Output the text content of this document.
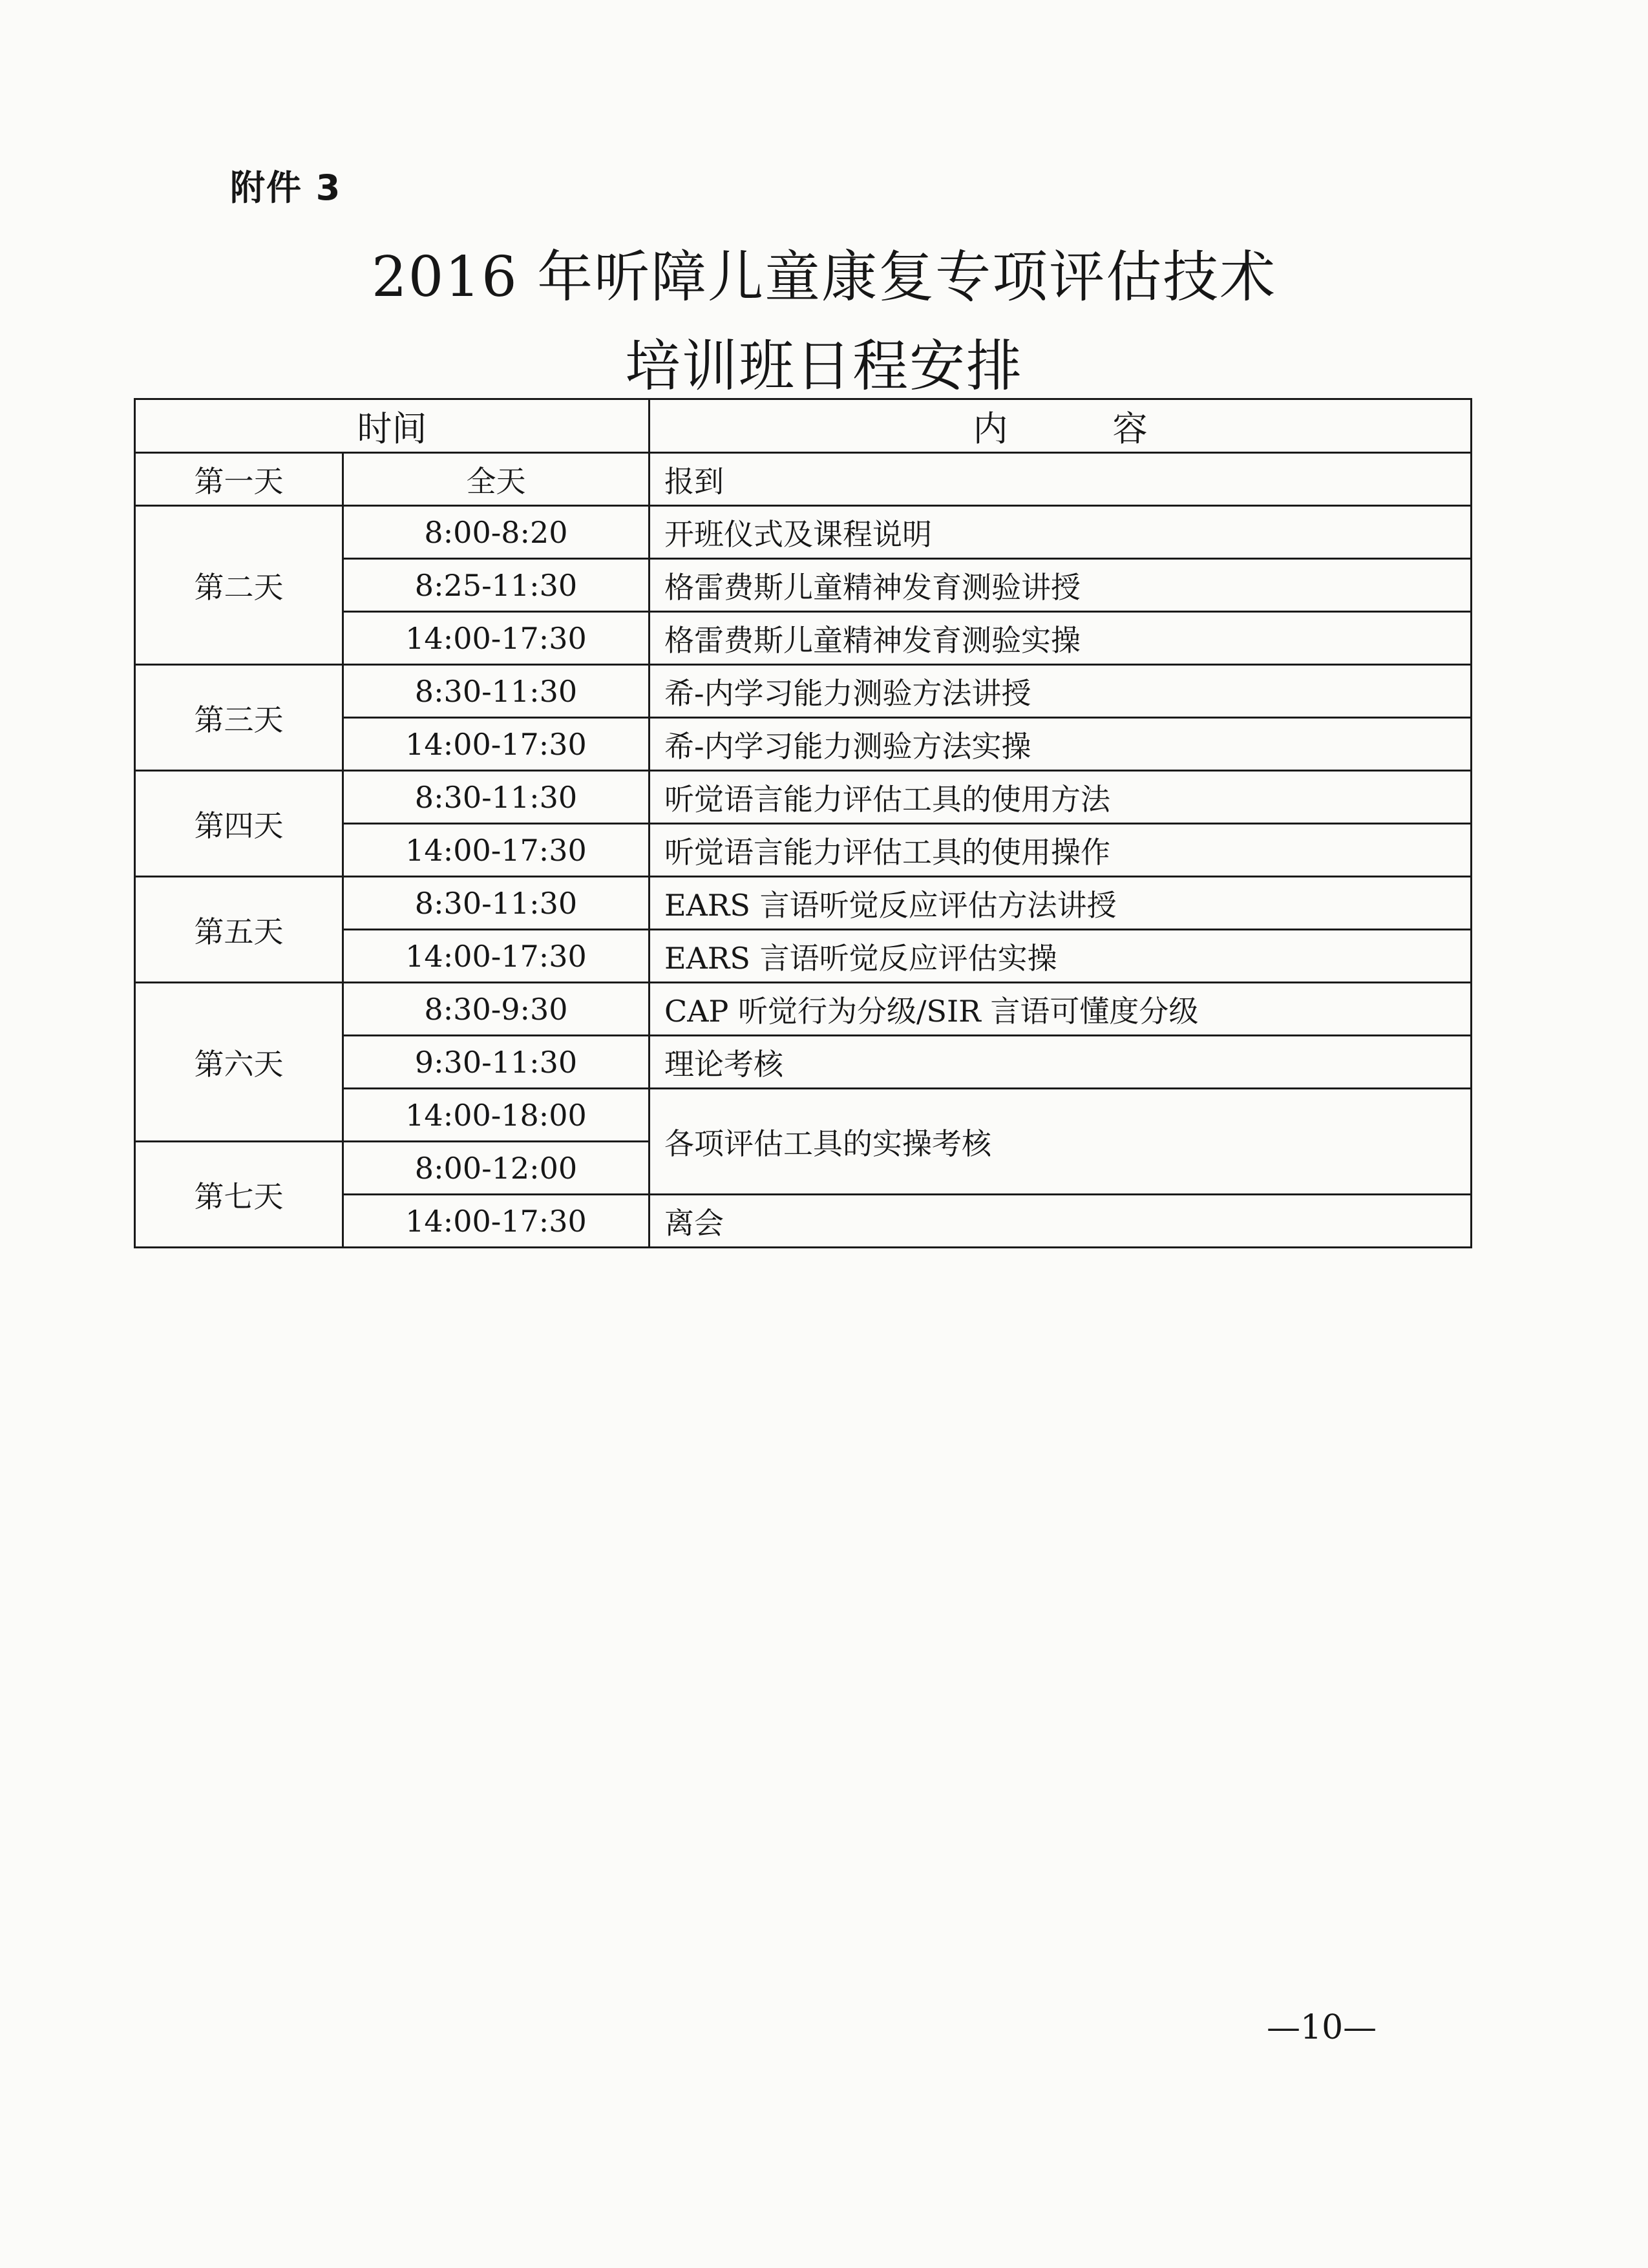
附件 3
2016 年听障儿童康复专项评估技术
培训班日程安排
时间		内　　　容
第一天	全天	报到
第二天	8:00-8:20	开班仪式及课程说明
	8:25-11:30	格雷费斯儿童精神发育测验讲授
	14:00-17:30	格雷费斯儿童精神发育测验实操
第三天	8:30-11:30	希-内学习能力测验方法讲授
	14:00-17:30	希-内学习能力测验方法实操
第四天	8:30-11:30	听觉语言能力评估工具的使用方法
	14:00-17:30	听觉语言能力评估工具的使用操作
第五天	8:30-11:30	EARS 言语听觉反应评估方法讲授
	14:00-17:30	EARS 言语听觉反应评估实操
第六天	8:30-9:30	CAP 听觉行为分级/SIR 言语可懂度分级
	9:30-11:30	理论考核
	14:00-18:00	各项评估工具的实操考核
第七天	8:00-12:00	
	14:00-17:30	离会
—10—
